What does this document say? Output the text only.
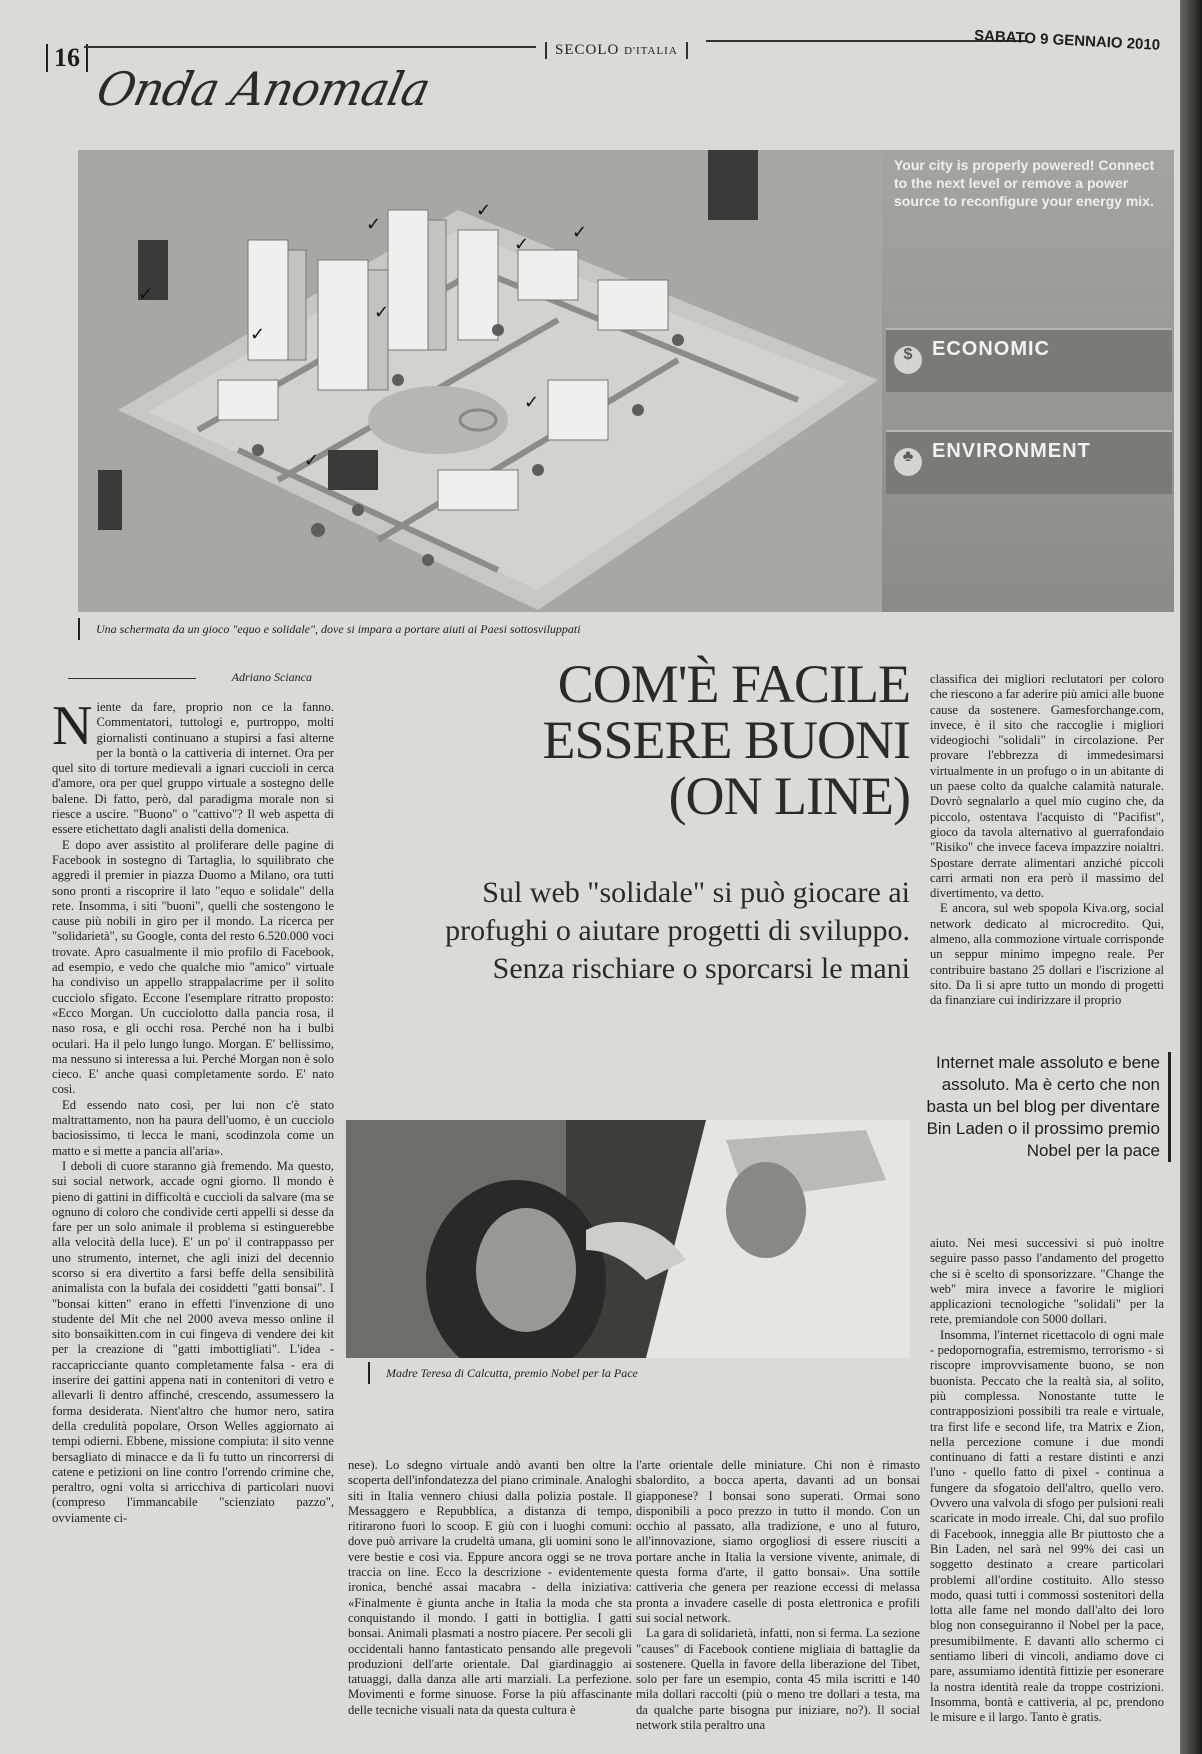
16	SECOLO D'ITALIA	SABATO 9 GENNAIO 2010
Onda Anomala
✓
✓
✓
✓
✓
✓
✓
✓
✓
Your city is properly powered! Connect to the next level or remove a power source to reconfigure your energy mix.
$ ECONOMIC
♣ ENVIRONMENT
Una schermata da un gioco "equo e solidale", dove si impara a portare aiuti ai Paesi sottosviluppati
Adriano Scianca

Niente da fare, proprio non ce la fanno. Commentatori, tuttologi e, purtroppo, molti giornalisti continuano a stupirsi a fasi alterne per la bontà o la cattiveria di internet. Ora per quel sito di torture medievali a ignari cuccioli in cerca d'amore, ora per quel gruppo virtuale a sostegno delle balene. Di fatto, però, dal paradigma morale non si riesce a uscire. "Buono" o "cattivo"? Il web aspetta di essere etichettato dagli analisti della domenica.

E dopo aver assistito al proliferare delle pagine di Facebook in sostegno di Tartaglia, lo squilibrato che aggredì il premier in piazza Duomo a Milano, ora tutti sono pronti a riscoprire il lato "equo e solidale" della rete. Insomma, i siti "buoni", quelli che sostengono le cause più nobili in giro per il mondo. La ricerca per "solidarietà", su Google, conta del resto 6.520.000 voci trovate. Apro casualmente il mio profilo di Facebook, ad esempio, e vedo che qualche mio "amico" virtuale ha condiviso un appello strappalacrime per il solito cucciolo sfigato. Eccone l'esemplare ritratto proposto: «Ecco Morgan. Un cucciolotto dalla pancia rosa, il naso rosa, e gli occhi rosa. Perché non ha i bulbi oculari. Ha il pelo lungo lungo. Morgan. E' bellissimo, ma nessuno si interessa a lui. Perché Morgan non è solo cieco. E' anche quasi completamente sordo. E' nato così.

Ed essendo nato così, per lui non c'è stato maltrattamento, non ha paura dell'uomo, è un cucciolo baciosissimo, ti lecca le mani, scodinzola come un matto e si mette a pancia all'aria».

I deboli di cuore staranno già fremendo. Ma questo, sui social network, accade ogni giorno. Il mondo è pieno di gattini in difficoltà e cuccioli da salvare (ma se ognuno di coloro che condivide certi appelli si desse da fare per un solo animale il problema si estinguerebbe alla velocità della luce). E' un po' il contrappasso per uno strumento, internet, che agli inizi del decennio scorso si era divertito a farsi beffe della sensibilità animalista con la bufala dei cosiddetti "gatti bonsai". I "bonsai kitten" erano in effetti l'invenzione di uno studente del Mit che nel 2000 aveva messo online il sito bonsaikitten.com in cui fingeva di vendere dei kit per la creazione di "gatti imbottigliati". L'idea - raccapricciante quanto completamente falsa - era di inserire dei gattini appena nati in contenitori di vetro e allevarli lì dentro affinché, crescendo, assumessero la forma desiderata. Nient'altro che humor nero, satira della credulità popolare, Orson Welles aggiornato ai tempi odierni. Ebbene, missione compiuta: il sito venne bersagliato di minacce e da lì fu tutto un rincorrersi di catene e petizioni on line contro l'orrendo crimine che, peraltro, ogni volta si arricchiva di particolari nuovi (compreso l'immancabile "scienziato pazzo", ovviamente ci-

COM'È FACILE
ESSERE BUONI
(ON LINE)
Sul web "solidale" si può giocare ai profughi o aiutare progetti di sviluppo. Senza rischiare o sporcarsi le mani

classifica dei migliori reclutatori per coloro che riescono a far aderire più amici alle buone cause da sostenere. Gamesforchange.com, invece, è il sito che raccoglie i migliori videogiochi "solidali" in circolazione. Per provare l'ebbrezza di immedesimarsi virtualmente in un profugo o in un abitante di un paese colto da qualche calamità naturale. Dovrò segnalarlo a quel mio cugino che, da piccolo, ostentava l'acquisto di "Pacifist", gioco da tavola alternativo al guerrafondaio "Risiko" che invece faceva impazzire noialtri. Spostare derrate alimentari anziché piccoli carri armati non era però il massimo del divertimento, va detto.

E ancora, sul web spopola Kiva.org, social network dedicato al microcredito. Qui, almeno, alla commozione virtuale corrisponde un seppur minimo impegno reale. Per contribuire bastano 25 dollari e l'iscrizione al sito. Da lì si apre tutto un mondo di progetti da finanziare cui indirizzare il proprio

Internet male assoluto e bene assoluto. Ma è certo che non basta un bel blog per diventare Bin Laden o il prossimo premio Nobel per la pace
Madre Teresa di Calcutta, premio Nobel per la Pace

nese). Lo sdegno virtuale andò avanti ben oltre la scoperta dell'infondatezza del piano criminale. Analoghi siti in Italia vennero chiusi dalla polizia postale. Il Messaggero e Repubblica, a distanza di tempo, ritirarono fuori lo scoop. E giù con i luoghi comuni: dove può arrivare la crudeltà umana, gli uomini sono le vere bestie e così via. Eppure ancora oggi se ne trova traccia on line. Ecco la descrizione - evidentemente ironica, benché assai macabra - della iniziativa: «Finalmente è giunta anche in Italia la moda che sta conquistando il mondo. I gatti in bottiglia. I gatti bonsai. Animali plasmati a nostro piacere. Per secoli gli occidentali hanno fantasticato pensando alle pregevoli produzioni dell'arte orientale. Dal giardinaggio ai tatuaggi, dalla danza alle arti marziali. La perfezione. Movimenti e forme sinuose. Forse la più affascinante delle tecniche visuali nata da questa cultura è

l'arte orientale delle miniature. Chi non è rimasto sbalordito, a bocca aperta, davanti ad un bonsai giapponese? I bonsai sono superati. Ormai sono disponibili a poco prezzo in tutto il mondo. Con un occhio al passato, alla tradizione, e uno al futuro, all'innovazione, siamo orgogliosi di essere riusciti a portare anche in Italia la versione vivente, animale, di questa forma d'arte, il gatto bonsai». Una sottile cattiveria che genera per reazione eccessi di melassa pronta a invadere caselle di posta elettronica e profili sui social network.

La gara di solidarietà, infatti, non si ferma. La sezione "causes" di Facebook contiene migliaia di battaglie da sostenere. Quella in favore della liberazione del Tibet, solo per fare un esempio, conta 45 mila iscritti e 140 mila dollari raccolti (più o meno tre dollari a testa, ma da qualche parte bisogna pur iniziare, no?). Il social network stila peraltro una

aiuto. Nei mesi successivi si può inoltre seguire passo passo l'andamento del progetto che si è scelto di sponsorizzare. "Change the web" mira invece a favorire le migliori applicazioni tecnologiche "solidali" per la rete, premiandole con 5000 dollari.

Insomma, l'internet ricettacolo di ogni male - pedopornografia, estremismo, terrorismo - si riscopre improvvisamente buono, se non buonista. Peccato che la realtà sia, al solito, più complessa. Nonostante tutte le contrapposizioni possibili tra reale e virtuale, tra first life e second life, tra Matrix e Zion, nella percezione comune i due mondi continuano di fatti a restare distinti e anzi l'uno - quello fatto di pixel - continua a fungere da sfogatoio dell'altro, quello vero. Ovvero una valvola di sfogo per pulsioni reali scaricate in modo irreale. Chi, dal suo profilo di Facebook, inneggia alle Br piuttosto che a Bin Laden, nel sarà nel 99% dei casi un soggetto destinato a creare particolari problemi all'ordine costituito. Allo stesso modo, quasi tutti i commossi sostenitori della lotta alle fame nel mondo dall'alto dei loro blog non conseguiranno il Nobel per la pace, presumibilmente. E davanti allo schermo ci sentiamo liberi di vincoli, andiamo dove ci pare, assumiamo identità fittizie per esonerare la nostra identità reale da troppe costrizioni. Insomma, bontà e cattiveria, al pc, prendono le misure e il largo. Tanto è gratis.
